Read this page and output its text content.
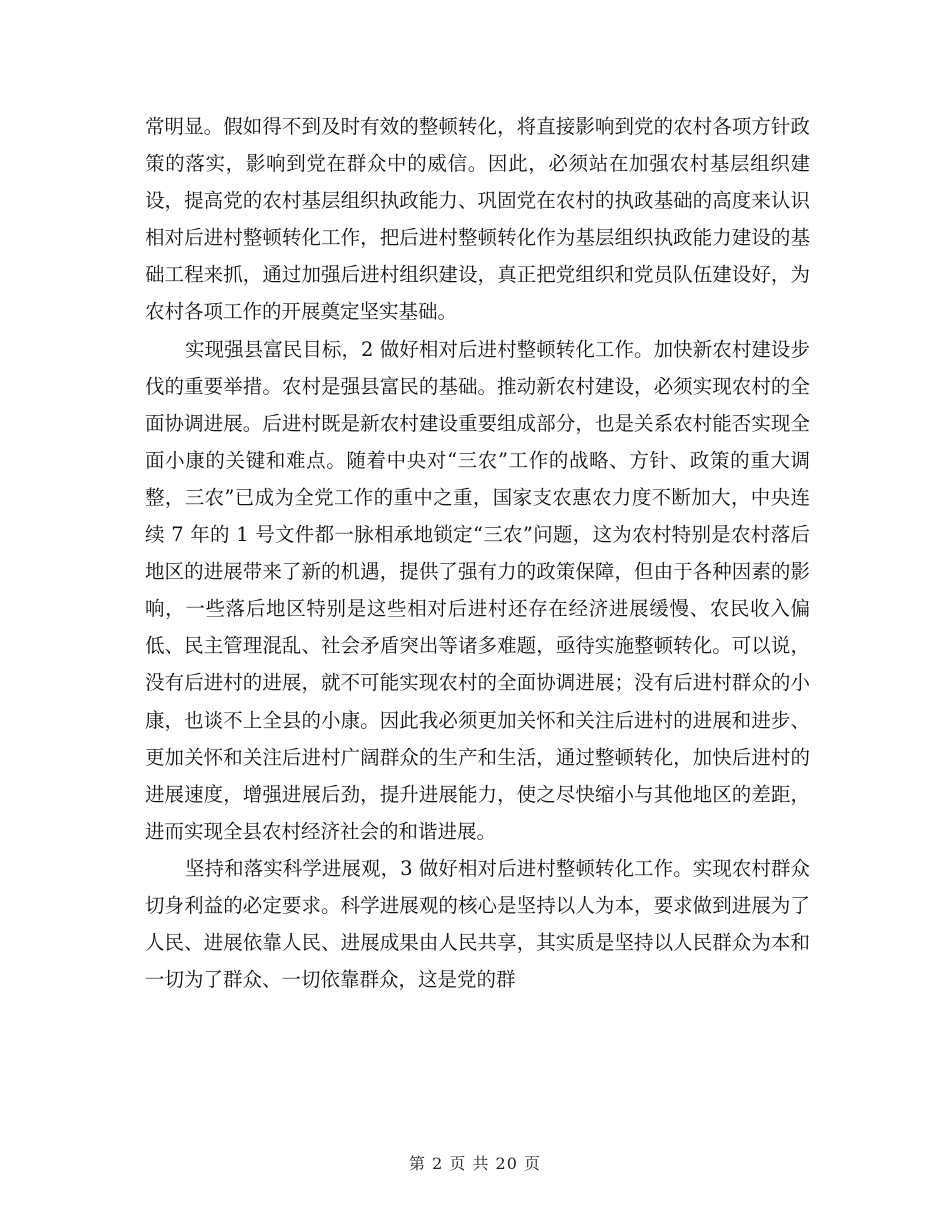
常明显。假如得不到及时有效的整顿转化，将直接影响到党的农村各项方针政策的落实，影响到党在群众中的威信。因此，必须站在加强农村基层组织建设，提高党的农村基层组织执政能力、巩固党在农村的执政基础的高度来认识相对后进村整顿转化工作，把后进村整顿转化作为基层组织执政能力建设的基础工程来抓，通过加强后进村组织建设，真正把党组织和党员队伍建设好，为农村各项工作的开展奠定坚实基础。

实现强县富民目标，2 做好相对后进村整顿转化工作。加快新农村建设步伐的重要举措。农村是强县富民的基础。推动新农村建设，必须实现农村的全面协调进展。后进村既是新农村建设重要组成部分，也是关系农村能否实现全面小康的关键和难点。随着中央对“三农”工作的战略、方针、政策的重大调整，三农”已成为全党工作的重中之重，国家支农惠农力度不断加大，中央连续 7 年的 1 号文件都一脉相承地锁定“三农”问题，这为农村特别是农村落后地区的进展带来了新的机遇，提供了强有力的政策保障，但由于各种因素的影响，一些落后地区特别是这些相对后进村还存在经济进展缓慢、农民收入偏低、民主管理混乱、社会矛盾突出等诸多难题，亟待实施整顿转化。可以说，没有后进村的进展，就不可能实现农村的全面协调进展；没有后进村群众的小康，也谈不上全县的小康。因此我必须更加关怀和关注后进村的进展和进步、更加关怀和关注后进村广阔群众的生产和生活，通过整顿转化，加快后进村的进展速度，增强进展后劲，提升进展能力，使之尽快缩小与其他地区的差距，进而实现全县农村经济社会的和谐进展。

坚持和落实科学进展观，3 做好相对后进村整顿转化工作。实现农村群众切身利益的必定要求。科学进展观的核心是坚持以人为本，要求做到进展为了人民、进展依靠人民、进展成果由人民共享，其实质是坚持以人民群众为本和一切为了群众、一切依靠群众，这是党的群

第 2 页 共 20 页
